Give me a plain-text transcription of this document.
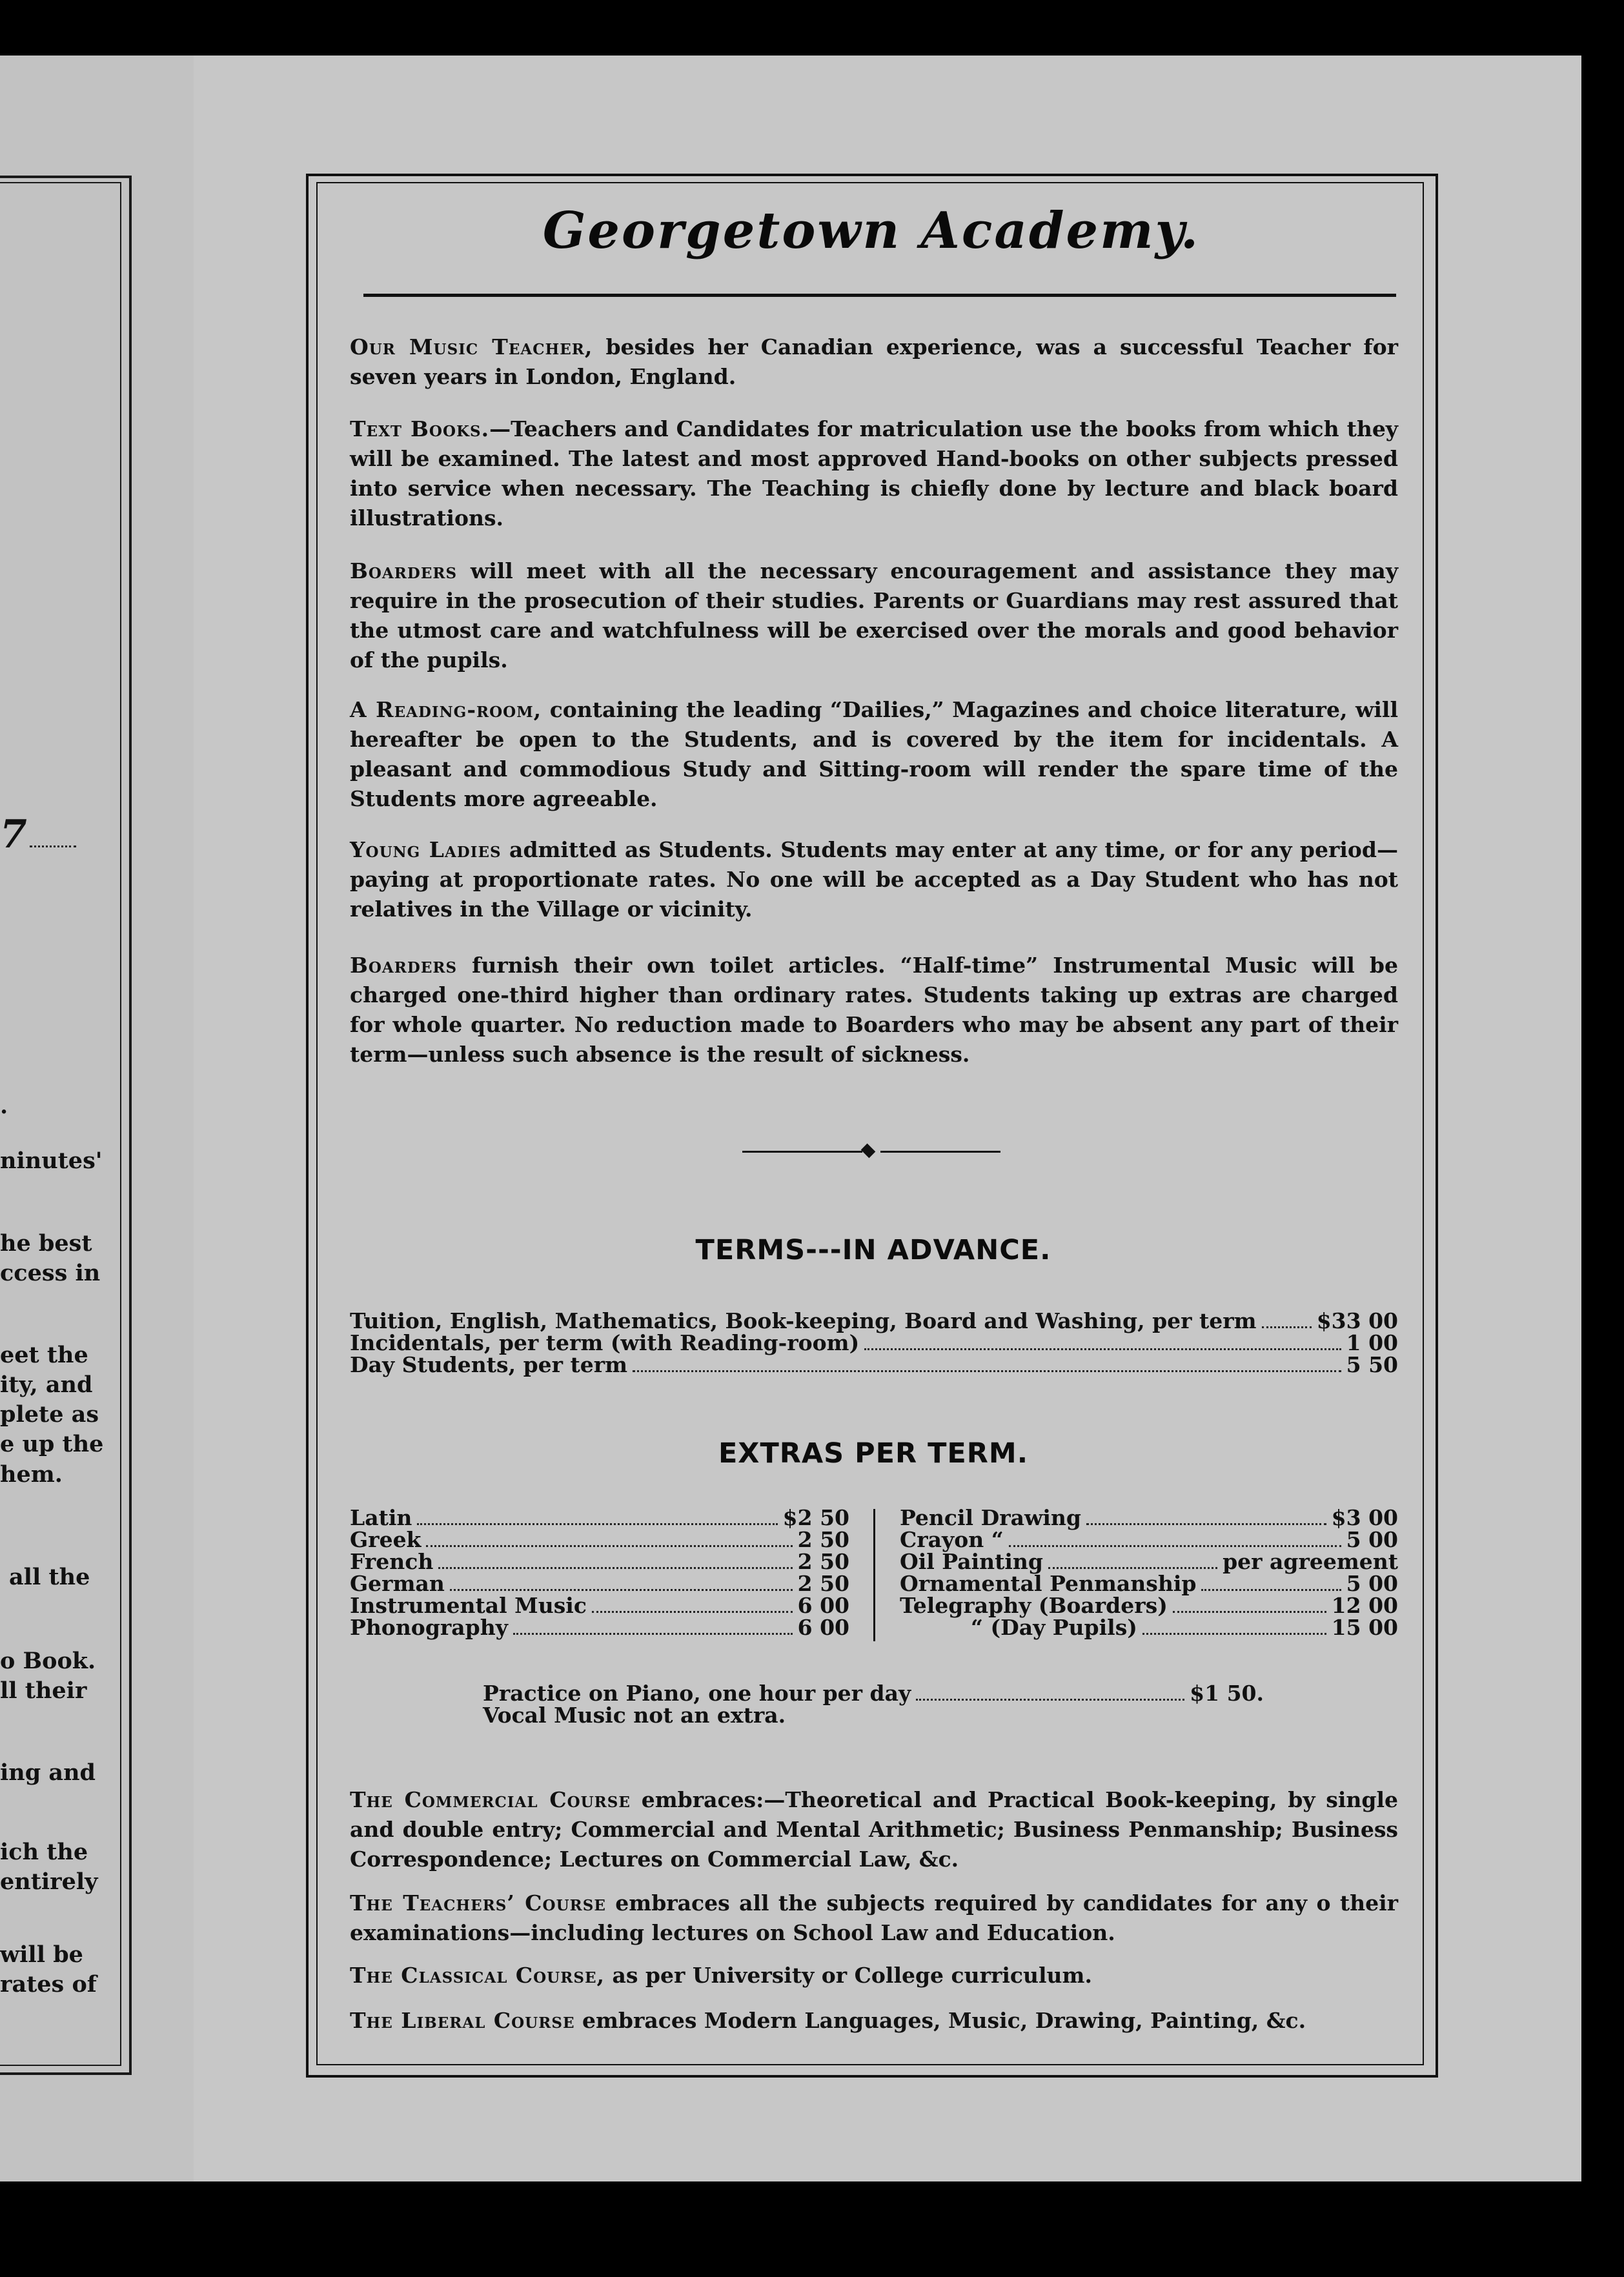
7
.
ninutes'
he best
ccess in
eet the
ity, and
plete as
e up the
hem.
all the
o Book.
ll their
ing and
ich the
entirely
will be
rates of
Georgetown Academy.
Our Music Teacher, besides her Canadian experience, was a successful Teacher for seven years in London, England.
Text Books.—Teachers and Candidates for matriculation use the books from which they will be examined. The latest and most approved Hand-books on other subjects pressed into service when necessary. The Teaching is chiefly done by lecture and black board illustrations.
Boarders will meet with all the necessary encouragement and assistance they may require in the prosecution of their studies. Parents or Guardians may rest assured that the utmost care and watchfulness will be exercised over the morals and good behavior of the pupils.
A Reading-room, containing the leading “Dailies,” Magazines and choice literature, will hereafter be open to the Students, and is covered by the item for incidentals. A pleasant and commodious Study and Sitting-room will render the spare time of the Students more agreeable.
Young Ladies admitted as Students. Students may enter at any time, or for any period—paying at proportionate rates. No one will be accepted as a Day Student who has not relatives in the Village or vicinity.
Boarders furnish their own toilet articles. “Half-time” Instrumental Music will be charged one-third higher than ordinary rates. Students taking up extras are charged for whole quarter. No reduction made to Boarders who may be absent any part of their term—unless such absence is the result of sickness.
TERMS---IN ADVANCE.
Tuition, English, Mathematics, Book-keeping, Board and Washing, per term	$33 00
Incidentals, per term (with Reading-room)	1 00
Day Students, per term	5 50
EXTRAS PER TERM.
Latin	$2 50
Greek	2 50
French	2 50
German	2 50
Instrumental Music	6 00
Phonography	6 00
Pencil Drawing	$3 00
Crayon “	5 00
Oil Painting	per agreement
Ornamental Penmanship	5 00
Telegraphy (Boarders)	12 00
“ (Day Pupils)	15 00
Practice on Piano, one hour per day	$1 50.
Vocal Music not an extra.
The Commercial Course embraces:—Theoretical and Practical Book-keeping, by single and double entry; Commercial and Mental Arithmetic; Business Penmanship; Business Correspondence; Lectures on Commercial Law, &c.
The Teachers’ Course embraces all the subjects required by candidates for any o their examinations—including lectures on School Law and Education.
The Classical Course, as per University or College curriculum.
The Liberal Course embraces Modern Languages, Music, Drawing, Painting, &c.
